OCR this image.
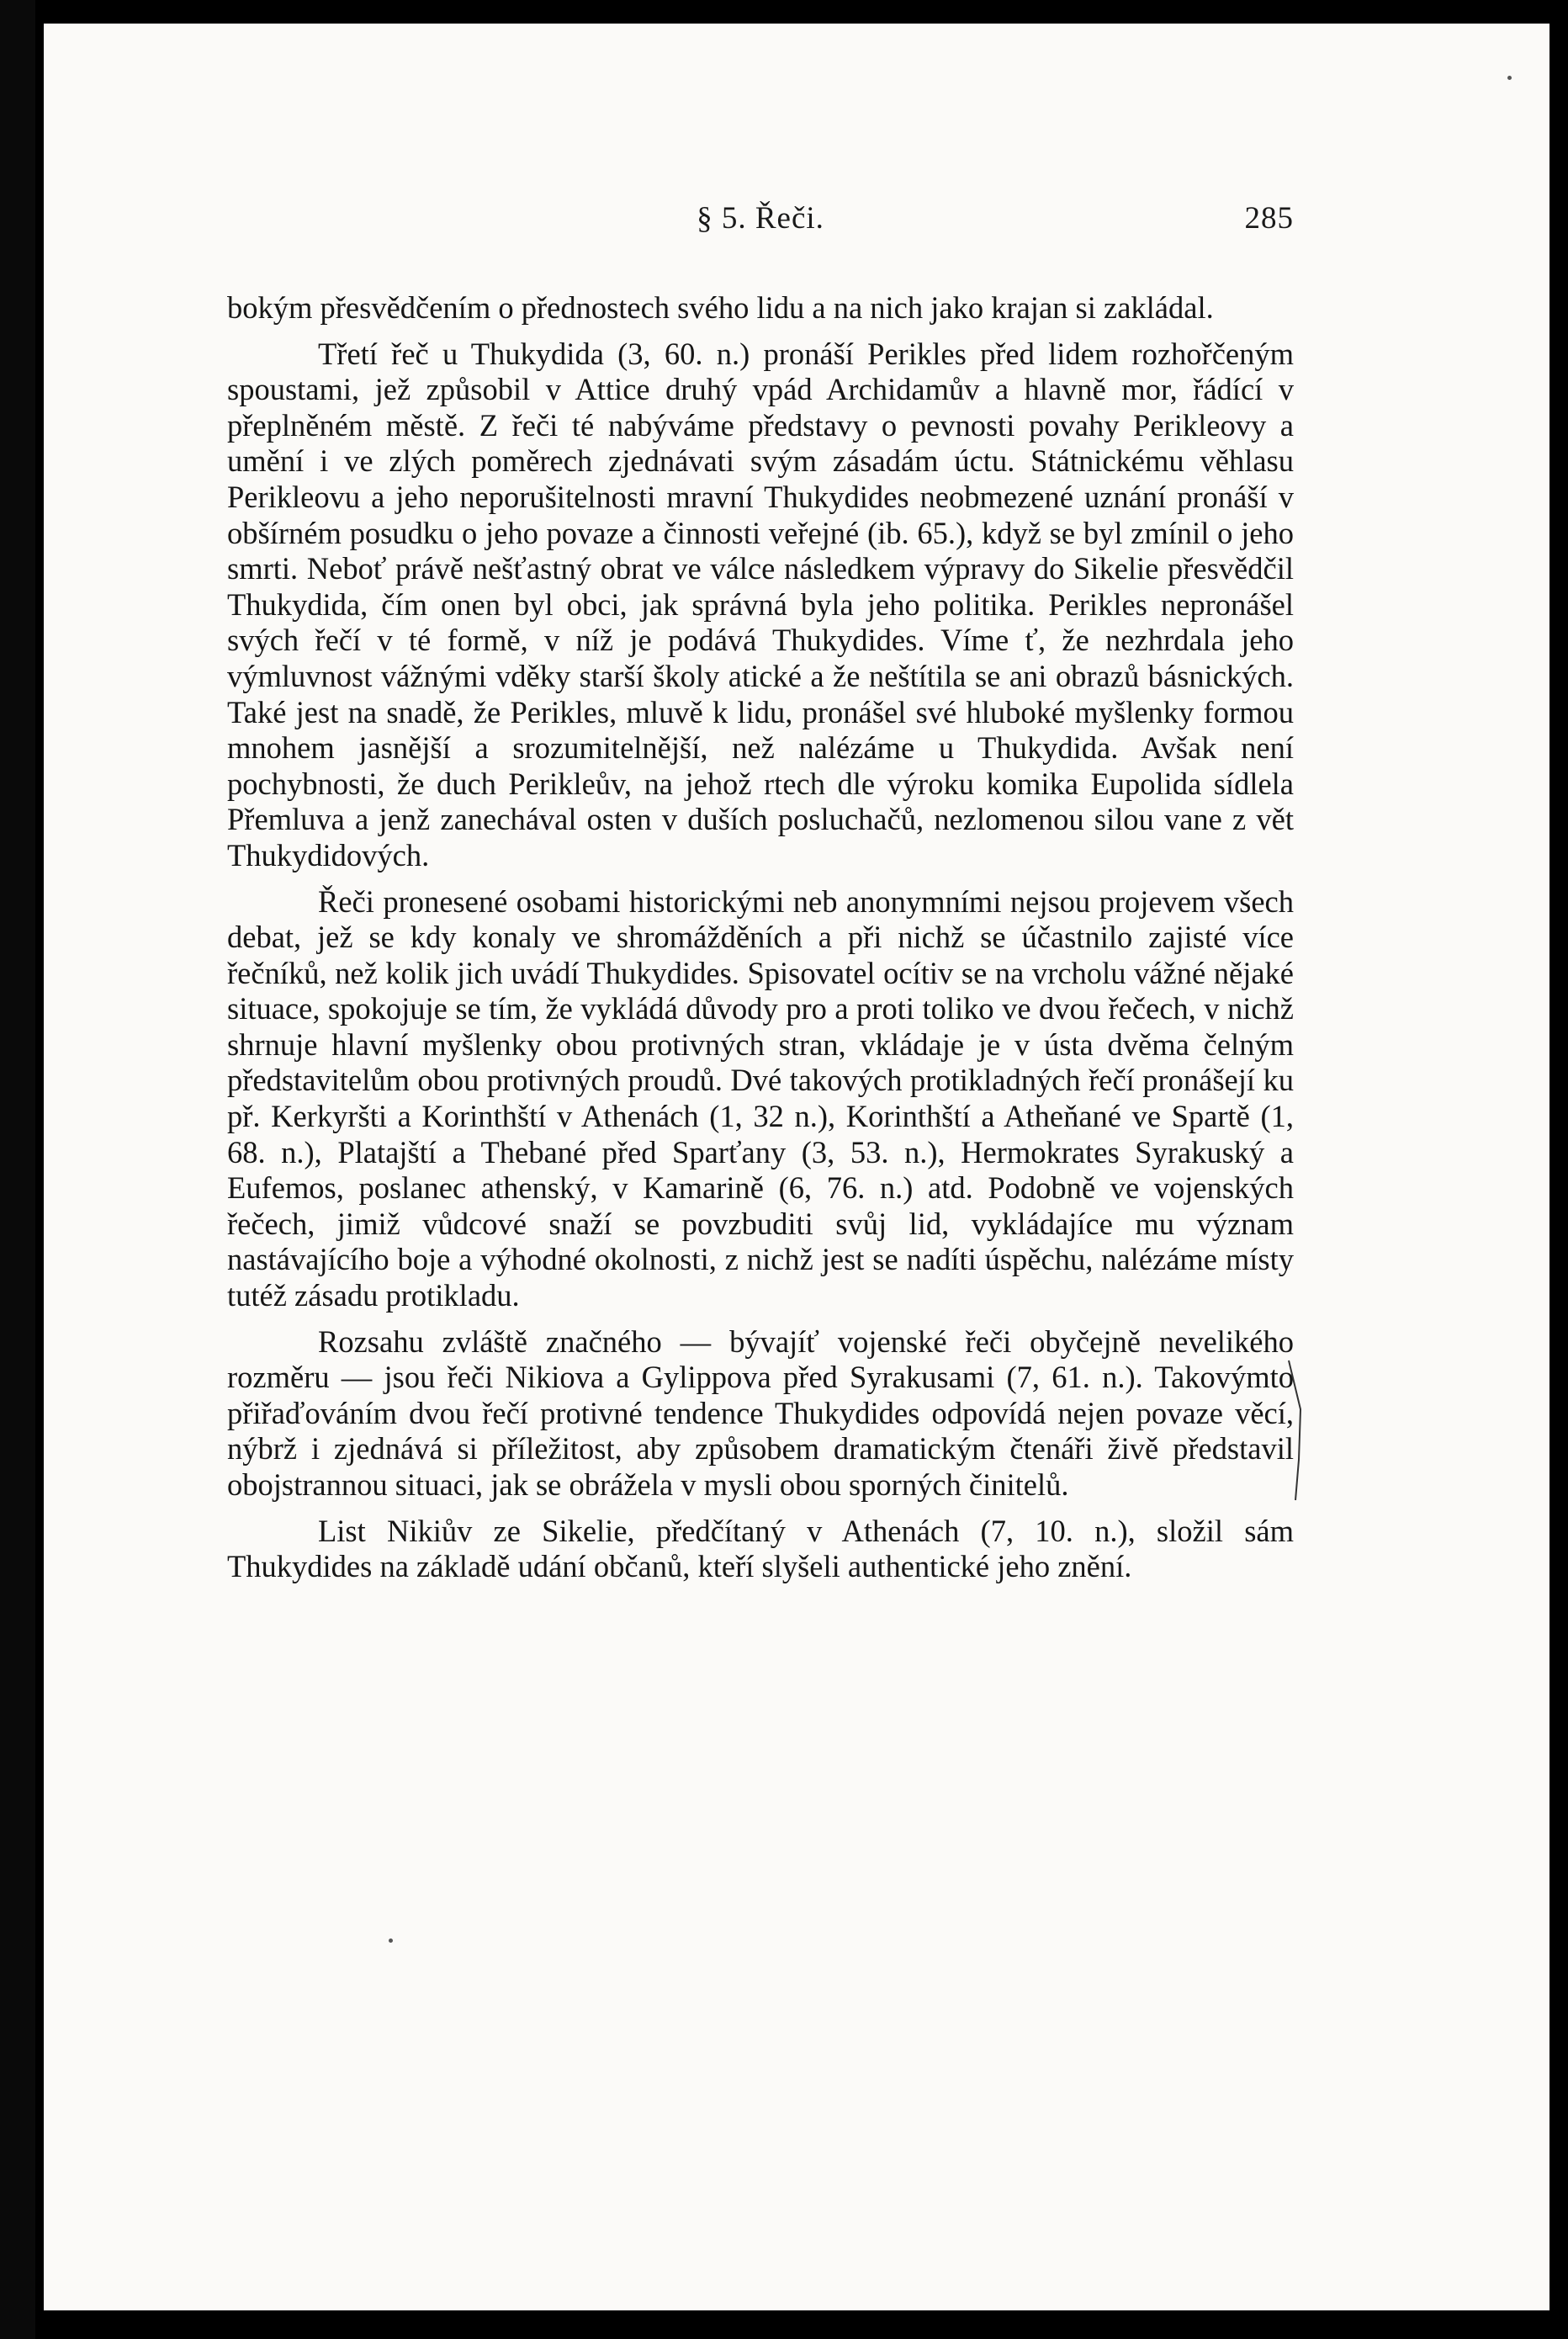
§ 5. Řeči.	285

bokým přesvědčením o přednostech svého lidu a na nich jako krajan si zakládal.

Třetí řeč u Thukydida (3, 60. n.) pronáší Perikles před lidem rozhořčeným spoustami, jež způsobil v Attice druhý vpád Archidamův a hlavně mor, řádící v přeplněném městě. Z řeči té nabýváme představy o pevnosti povahy Perikleovy a umění i ve zlých poměrech zjednávati svým zásadám úctu. Státnickému věhlasu Perikleovu a jeho neporušitelnosti mravní Thukydides neobmezené uznání pronáší v obšírném posudku o jeho povaze a činnosti veřejné (ib. 65.), když se byl zmínil o jeho smrti. Neboť právě nešťastný obrat ve válce následkem výpravy do Sikelie přesvědčil Thukydida, čím onen byl obci, jak správná byla jeho politika. Perikles nepronášel svých řečí v té formě, v níž je podává Thukydides. Víme ť, že nezhrdala jeho výmluvnost vážnými vděky starší školy atické a že neštítila se ani obrazů básnických. Také jest na snadě, že Perikles, mluvě k lidu, pronášel své hluboké myšlenky formou mnohem jasnější a srozumitelnější, než nalézáme u Thukydida. Avšak není pochybnosti, že duch Perikleův, na jehož rtech dle výroku komika Eupolida sídlela Přemluva a jenž zanechával osten v duších posluchačů, nezlomenou silou vane z vět Thukydidových.

Řeči pronesené osobami historickými neb anonymními nejsou projevem všech debat, jež se kdy konaly ve shromážděních a při nichž se účastnilo zajisté více řečníků, než kolik jich uvádí Thukydides. Spisovatel ocítiv se na vrcholu vážné nějaké situace, spokojuje se tím, že vykládá důvody pro a proti toliko ve dvou řečech, v nichž shrnuje hlavní myšlenky obou protivných stran, vkládaje je v ústa dvěma čelným představitelům obou protivných proudů. Dvé takových protikladných řečí pronášejí ku př. Kerkyršti a Korinthští v Athenách (1, 32 n.), Korinthští a Atheňané ve Spartě (1, 68. n.), Platajští a Thebané před Sparťany (3, 53. n.), Hermokrates Syrakuský a Eufemos, poslanec athenský, v Kamarině (6, 76. n.) atd. Podobně ve vojenských řečech, jimiž vůdcové snaží se povzbuditi svůj lid, vykládajíce mu význam nastávajícího boje a výhodné okolnosti, z nichž jest se nadíti úspěchu, nalézáme místy tutéž zásadu protikladu.

Rozsahu zvláště značného — bývajíť vojenské řeči obyčejně nevelikého rozměru — jsou řeči Nikiova a Gylippova před Syrakusami (7, 61. n.). Takovýmto přiřaďováním dvou řečí protivné tendence Thukydides odpovídá nejen povaze věcí, nýbrž i zjednává si příležitost, aby způsobem dramatickým čtenáři živě představil obojstrannou situaci, jak se obrážela v mysli obou sporných činitelů.

List Nikiův ze Sikelie, předčítaný v Athenách (7, 10. n.), složil sám Thukydides na základě udání občanů, kteří slyšeli authentické jeho znění.
